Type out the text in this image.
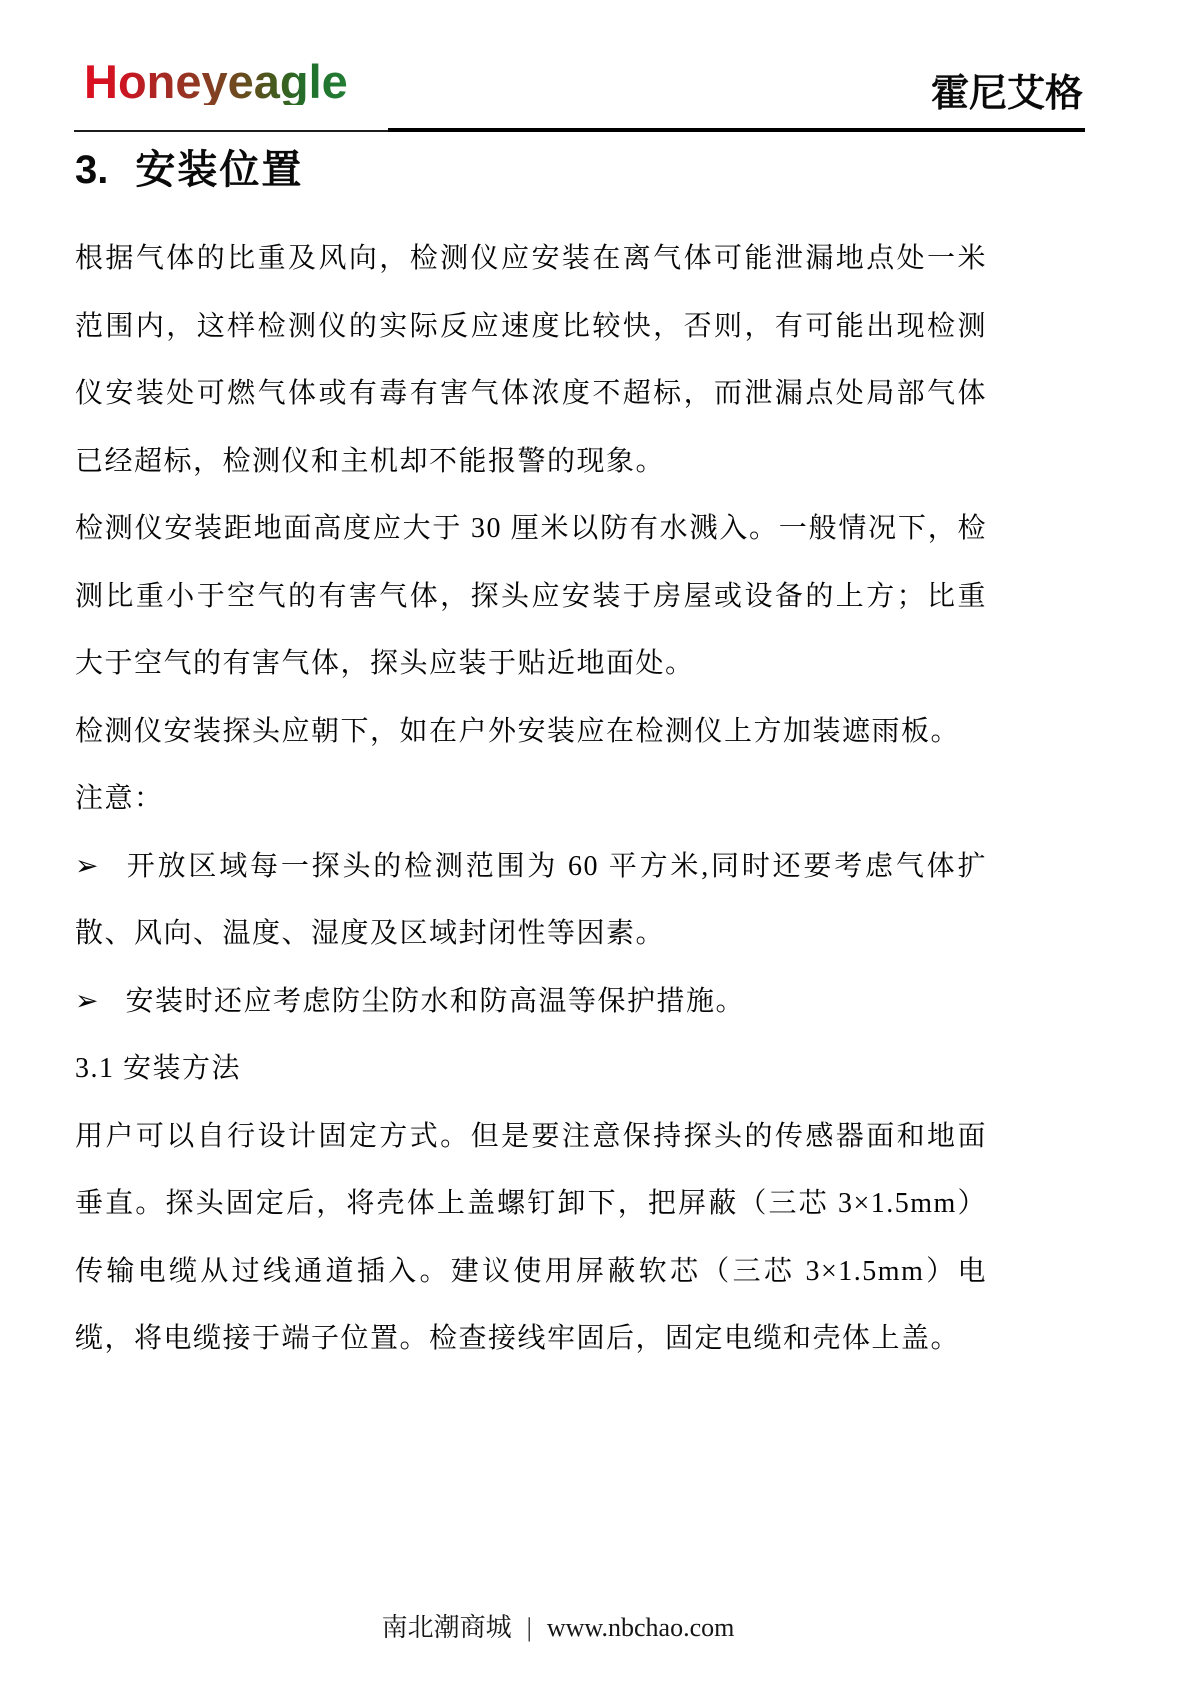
Honeyeagle	霍尼艾格
3. 安装位置
根据气体的比重及风向，检测仪应安装在离气体可能泄漏地点处一米
范围内，这样检测仪的实际反应速度比较快，否则，有可能出现检测
仪安装处可燃气体或有毒有害气体浓度不超标，而泄漏点处局部气体
已经超标，检测仪和主机却不能报警的现象。
检测仪安装距地面高度应大于 30 厘米以防有水溅入。一般情况下，检
测比重小于空气的有害气体，探头应安装于房屋或设备的上方；比重
大于空气的有害气体，探头应装于贴近地面处。
检测仪安装探头应朝下，如在户外安装应在检测仪上方加装遮雨板。
注意：
➢ 开放区域每一探头的检测范围为 60 平方米,同时还要考虑气体扩
散、风向、温度、湿度及区域封闭性等因素。
➢ 安装时还应考虑防尘防水和防高温等保护措施。
3.1 安装方法
用户可以自行设计固定方式。但是要注意保持探头的传感器面和地面
垂直。探头固定后，将壳体上盖螺钉卸下，把屏蔽（三芯 3×1.5mm）
传输电缆从过线通道插入。建议使用屏蔽软芯（三芯 3×1.5mm）电
缆，将电缆接于端子位置。检查接线牢固后，固定电缆和壳体上盖。
南北潮商城 | www.nbchao.com
